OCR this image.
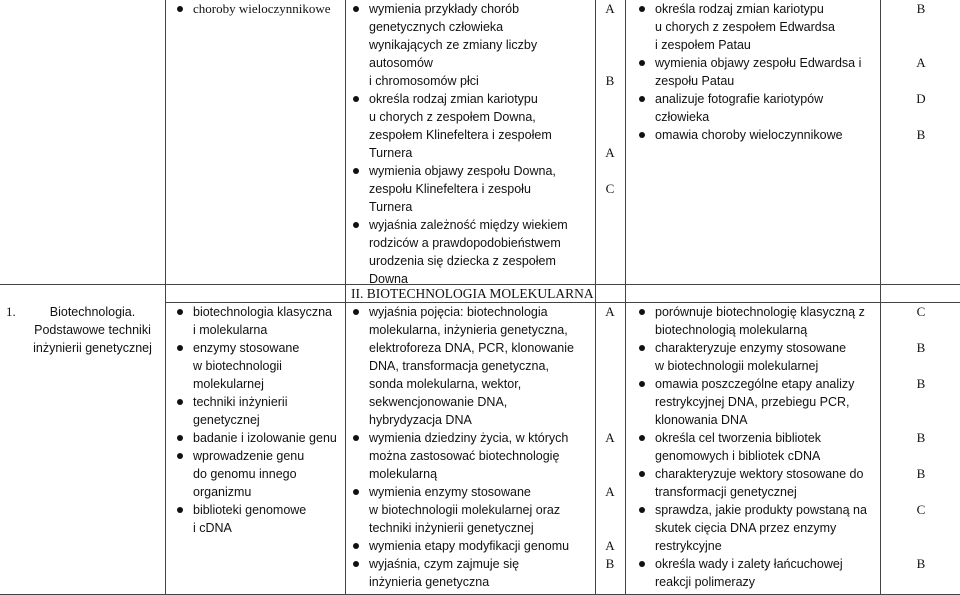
choroby wieloczynnikowe	wymienia przykłady chorób
genetycznych człowieka
wynikających ze zmiany liczby
autosomów
i chromosomów płci
określa rodzaj zmian kariotypu
u chorych z zespołem Downa,
zespołem Klinefeltera i zespołem
Turnera
wymienia objawy zespołu Downa,
zespołu Klinefeltera i zespołu
Turnera
wyjaśnia zależność między wiekiem
rodziców a prawdopodobieństwem
urodzenia się dziecka z zespołem
Downa
A
B
A
C
określa rodzaj zmian kariotypu
u chorych z zespołem Edwardsa
i zespołem Patau
wymienia objawy zespołu Edwardsa i
zespołu Patau
analizuje fotografie kariotypów
człowieka
omawia choroby wieloczynnikowe
B
A
D
B
II. BIOTECHNOLOGIA MOLEKULARNA
1.	Biotechnologia.
Podstawowe techniki
inżynierii genetycznej
biotechnologia klasyczna
i molekularna
enzymy stosowane
w biotechnologii
molekularnej
techniki inżynierii
genetycznej
badanie i izolowanie genu
wprowadzenie genu
do genomu innego
organizmu
biblioteki genomowe
i cDNA
wyjaśnia pojęcia: biotechnologia
molekularna, inżynieria genetyczna,
elektroforeza DNA, PCR, klonowanie
DNA, transformacja genetyczna,
sonda molekularna, wektor,
sekwencjonowanie DNA,
hybrydyzacja DNA
wymienia dziedziny życia, w których
można zastosować biotechnologię
molekularną
wymienia enzymy stosowane
w biotechnologii molekularnej oraz
techniki inżynierii genetycznej
wymienia etapy modyfikacji genomu
wyjaśnia, czym zajmuje się
inżynieria genetyczna
A
A
A
A
B
porównuje biotechnologię klasyczną z
biotechnologią molekularną
charakteryzuje enzymy stosowane
w biotechnologii molekularnej
omawia poszczególne etapy analizy
restrykcyjnej DNA, przebiegu PCR,
klonowania DNA
określa cel tworzenia bibliotek
genomowych i bibliotek cDNA
charakteryzuje wektory stosowane do
transformacji genetycznej
sprawdza, jakie produkty powstaną na
skutek cięcia DNA przez enzymy
restrykcyjne
określa wady i zalety łańcuchowej
reakcji polimerazy
C
B
B
B
B
C
B
